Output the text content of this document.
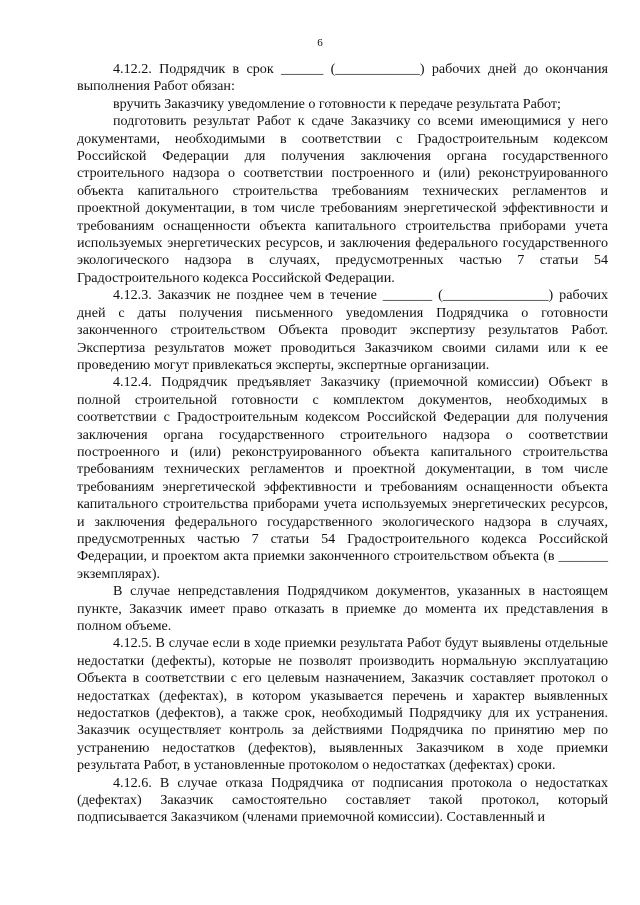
6

4.12.2. Подрядчик в срок ______ (____________) рабочих дней до окончания выполнения Работ обязан:

вручить Заказчику уведомление о готовности к передаче результата Работ;

подготовить результат Работ к сдаче Заказчику со всеми имеющимися у него документами, необходимыми в соответствии с Градостроительным кодексом Российской Федерации для получения заключения органа государственного строительного надзора о соответствии построенного и (или) реконструированного объекта капитального строительства требованиям технических регламентов и проектной документации, в том числе требованиям энергетической эффективности и требованиям оснащенности объекта капитального строительства приборами учета используемых энергетических ресурсов, и заключения федерального государственного экологического надзора в случаях, предусмотренных частью 7 статьи 54 Градостроительного кодекса Российской Федерации.

4.12.3. Заказчик не позднее чем в течение _______ (_______________) рабочих дней с даты получения письменного уведомления Подрядчика о готовности законченного строительством Объекта проводит экспертизу результатов Работ. Экспертиза результатов может проводиться Заказчиком своими силами или к ее проведению могут привлекаться эксперты, экспертные организации.

4.12.4. Подрядчик предъявляет Заказчику (приемочной комиссии) Объект в полной строительной готовности с комплектом документов, необходимых в соответствии с Градостроительным кодексом Российской Федерации для получения заключения органа государственного строительного надзора о соответствии построенного и (или) реконструированного объекта капитального строительства требованиям технических регламентов и проектной документации, в том числе требованиям энергетической эффективности и требованиям оснащенности объекта капитального строительства приборами учета используемых энергетических ресурсов, и заключения федерального государственного экологического надзора в случаях, предусмотренных частью 7 статьи 54 Градостроительного кодекса Российской Федерации, и проектом акта приемки законченного строительством объекта (в _______ экземплярах).

В случае непредставления Подрядчиком документов, указанных в настоящем пункте, Заказчик имеет право отказать в приемке до момента их представления в полном объеме.

4.12.5. В случае если в ходе приемки результата Работ будут выявлены отдельные недостатки (дефекты), которые не позволят производить нормальную эксплуатацию Объекта в соответствии с его целевым назначением, Заказчик составляет протокол о недостатках (дефектах), в котором указывается перечень и характер выявленных недостатков (дефектов), а также срок, необходимый Подрядчику для их устранения. Заказчик осуществляет контроль за действиями Подрядчика по принятию мер по устранению недостатков (дефектов), выявленных Заказчиком в ходе приемки результата Работ, в установленные протоколом о недостатках (дефектах) сроки.

4.12.6. В случае отказа Подрядчика от подписания протокола о недостатках (дефектах) Заказчик самостоятельно составляет такой протокол, который подписывается Заказчиком (членами приемочной комиссии). Составленный и
